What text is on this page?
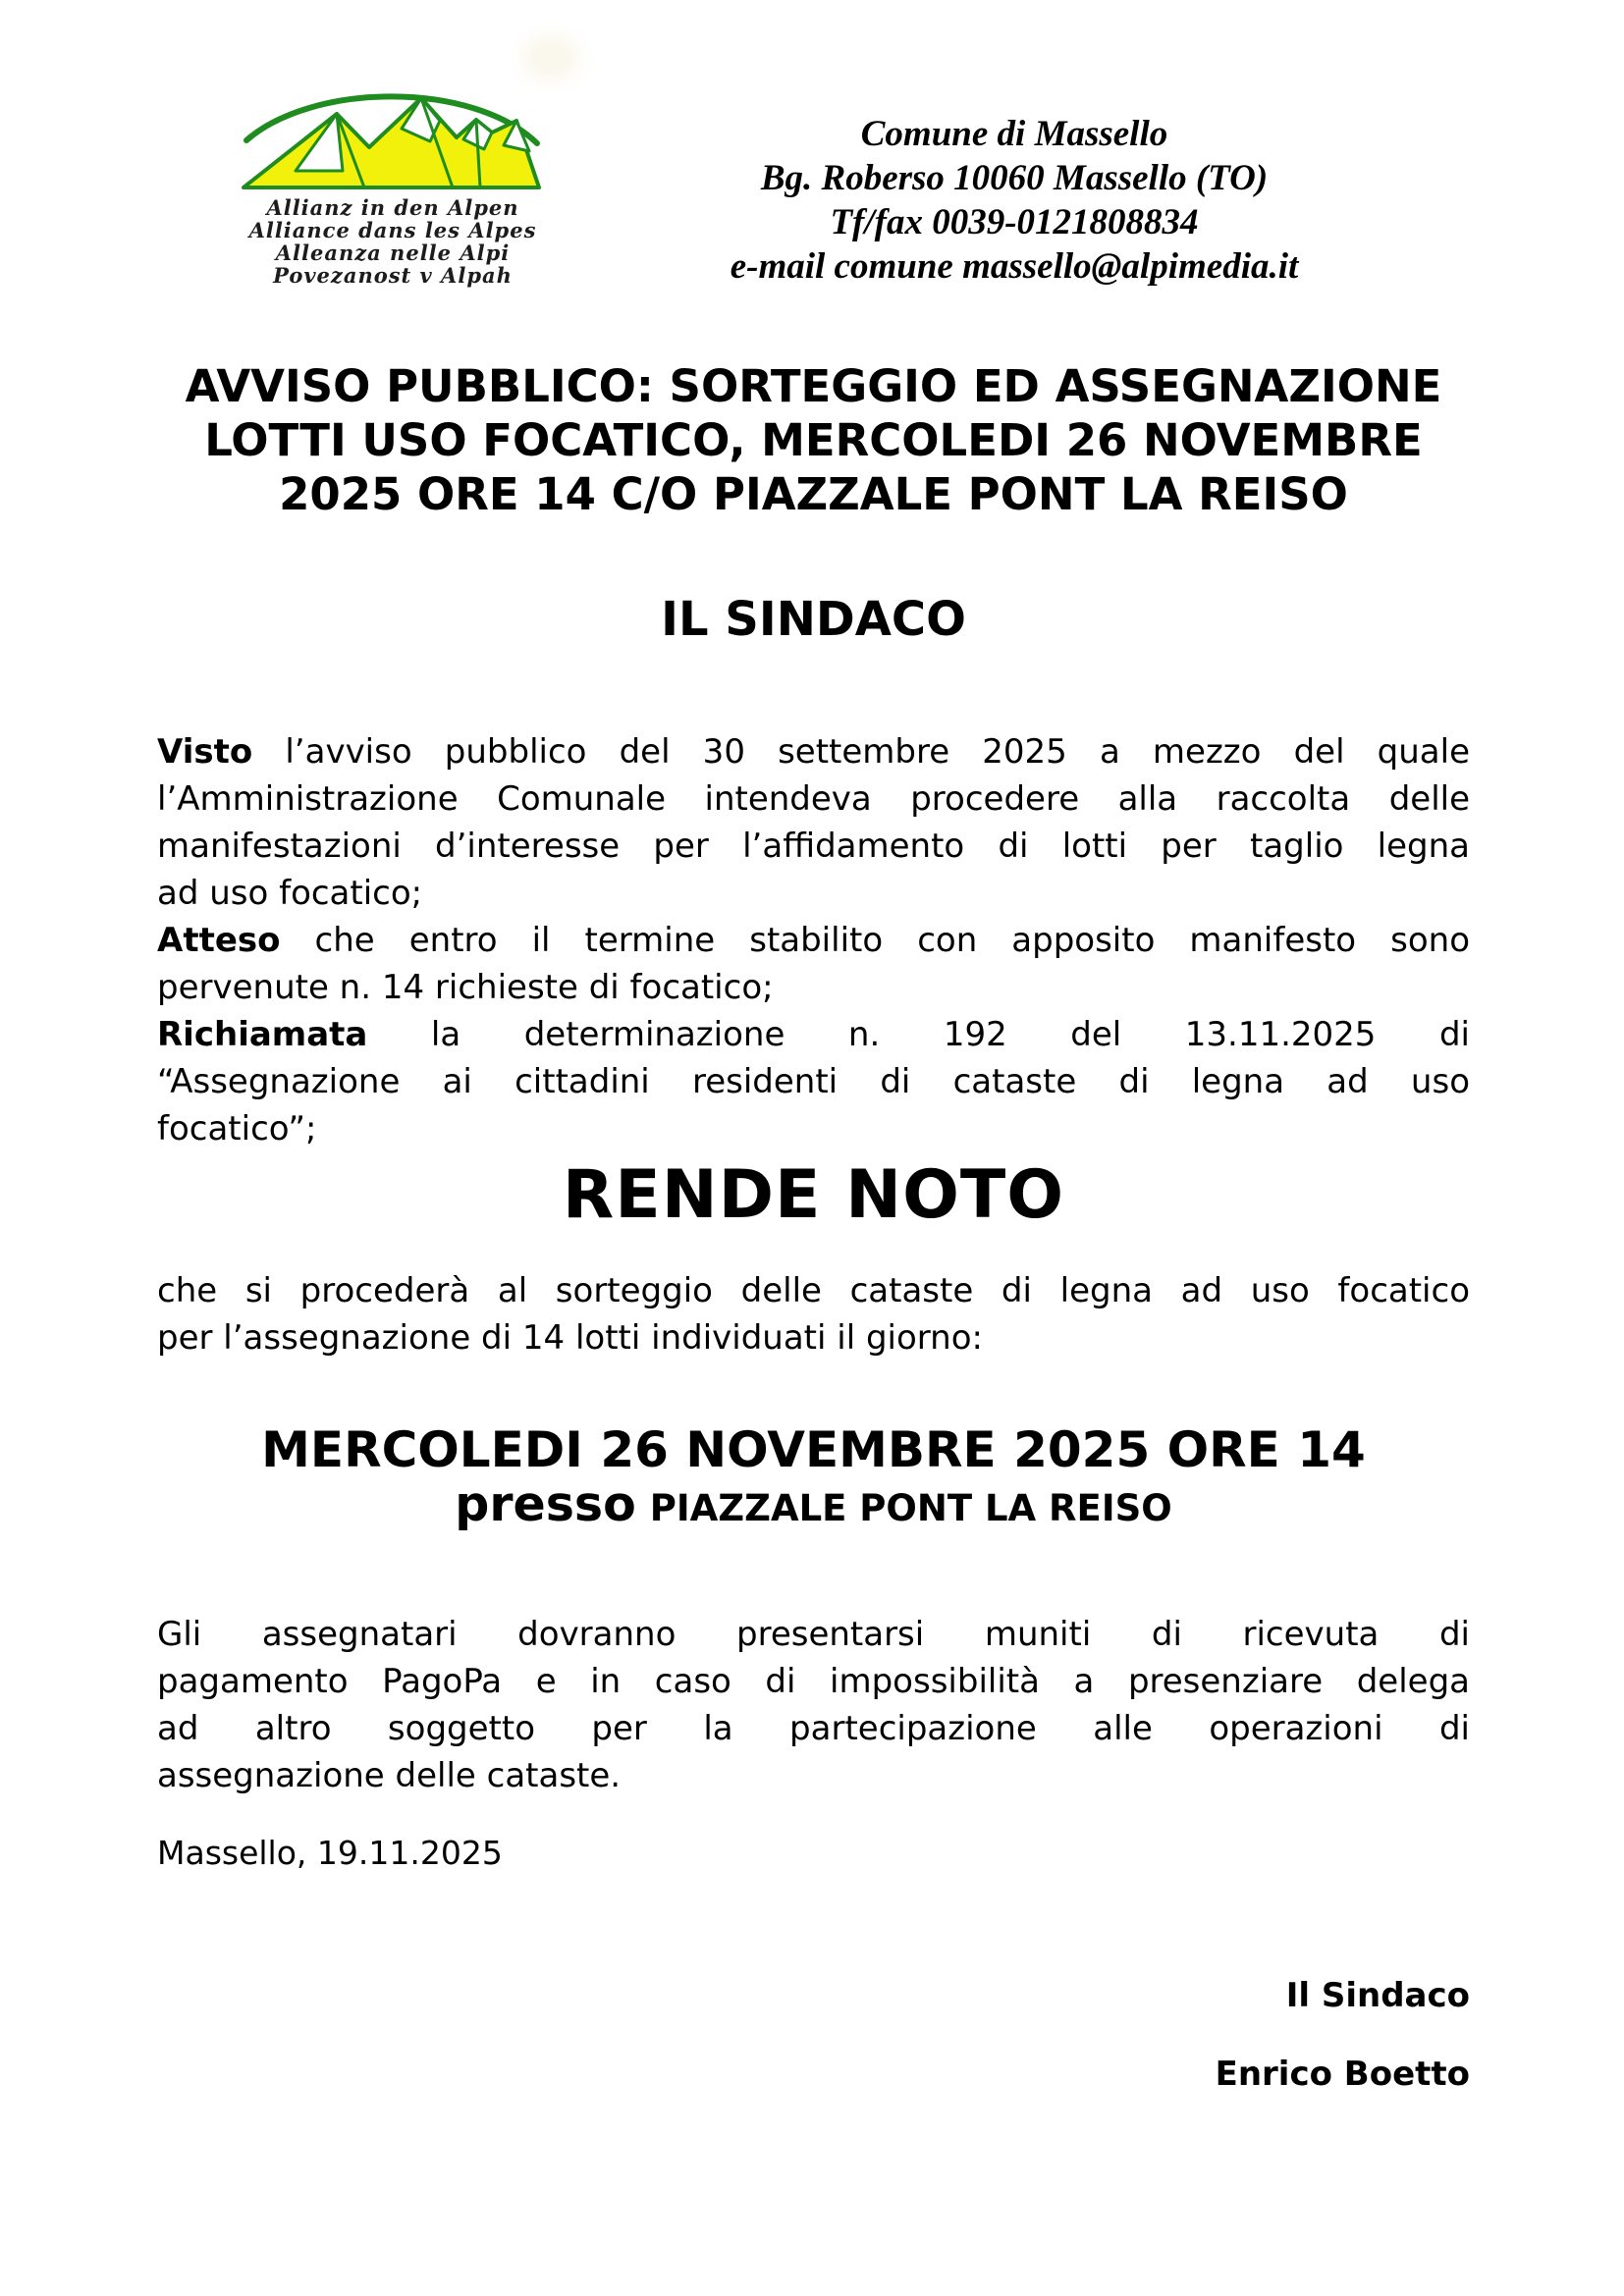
Allianz in den Alpen
Alliance dans les Alpes
Alleanza nelle Alpi
Povezanost v Alpah
Comune di Massello
Bg. Roberso 10060 Massello (TO)
Tf/fax 0039-0121808834
e-mail comune massello@alpimedia.it
AVVISO PUBBLICO: SORTEGGIO ED ASSEGNAZIONE
LOTTI USO FOCATICO, MERCOLEDI 26 NOVEMBRE
2025 ORE 14 C/O PIAZZALE PONT LA REISO
IL SINDACO
Visto l’avviso pubblico del 30 settembre 2025 a mezzo del quale
l’Amministrazione Comunale intendeva procedere alla raccolta delle
manifestazioni d’interesse per l’affidamento di lotti per taglio legna
ad uso focatico;
Atteso che entro il termine stabilito con apposito manifesto sono
pervenute n. 14 richieste di focatico;
Richiamata la determinazione n. 192 del 13.11.2025 di
“Assegnazione ai cittadini residenti di cataste di legna ad uso
focatico”;
RENDE NOTO
che si procederà al sorteggio delle cataste di legna ad uso focatico
per l’assegnazione di 14 lotti individuati il giorno:
MERCOLEDI 26 NOVEMBRE 2025 ORE 14
presso PIAZZALE PONT LA REISO
Gli assegnatari dovranno presentarsi muniti di ricevuta di
pagamento PagoPa e in caso di impossibilità a presenziare delega
ad altro soggetto per la partecipazione alle operazioni di
assegnazione delle cataste.
Massello, 19.11.2025
Il Sindaco
Enrico Boetto
